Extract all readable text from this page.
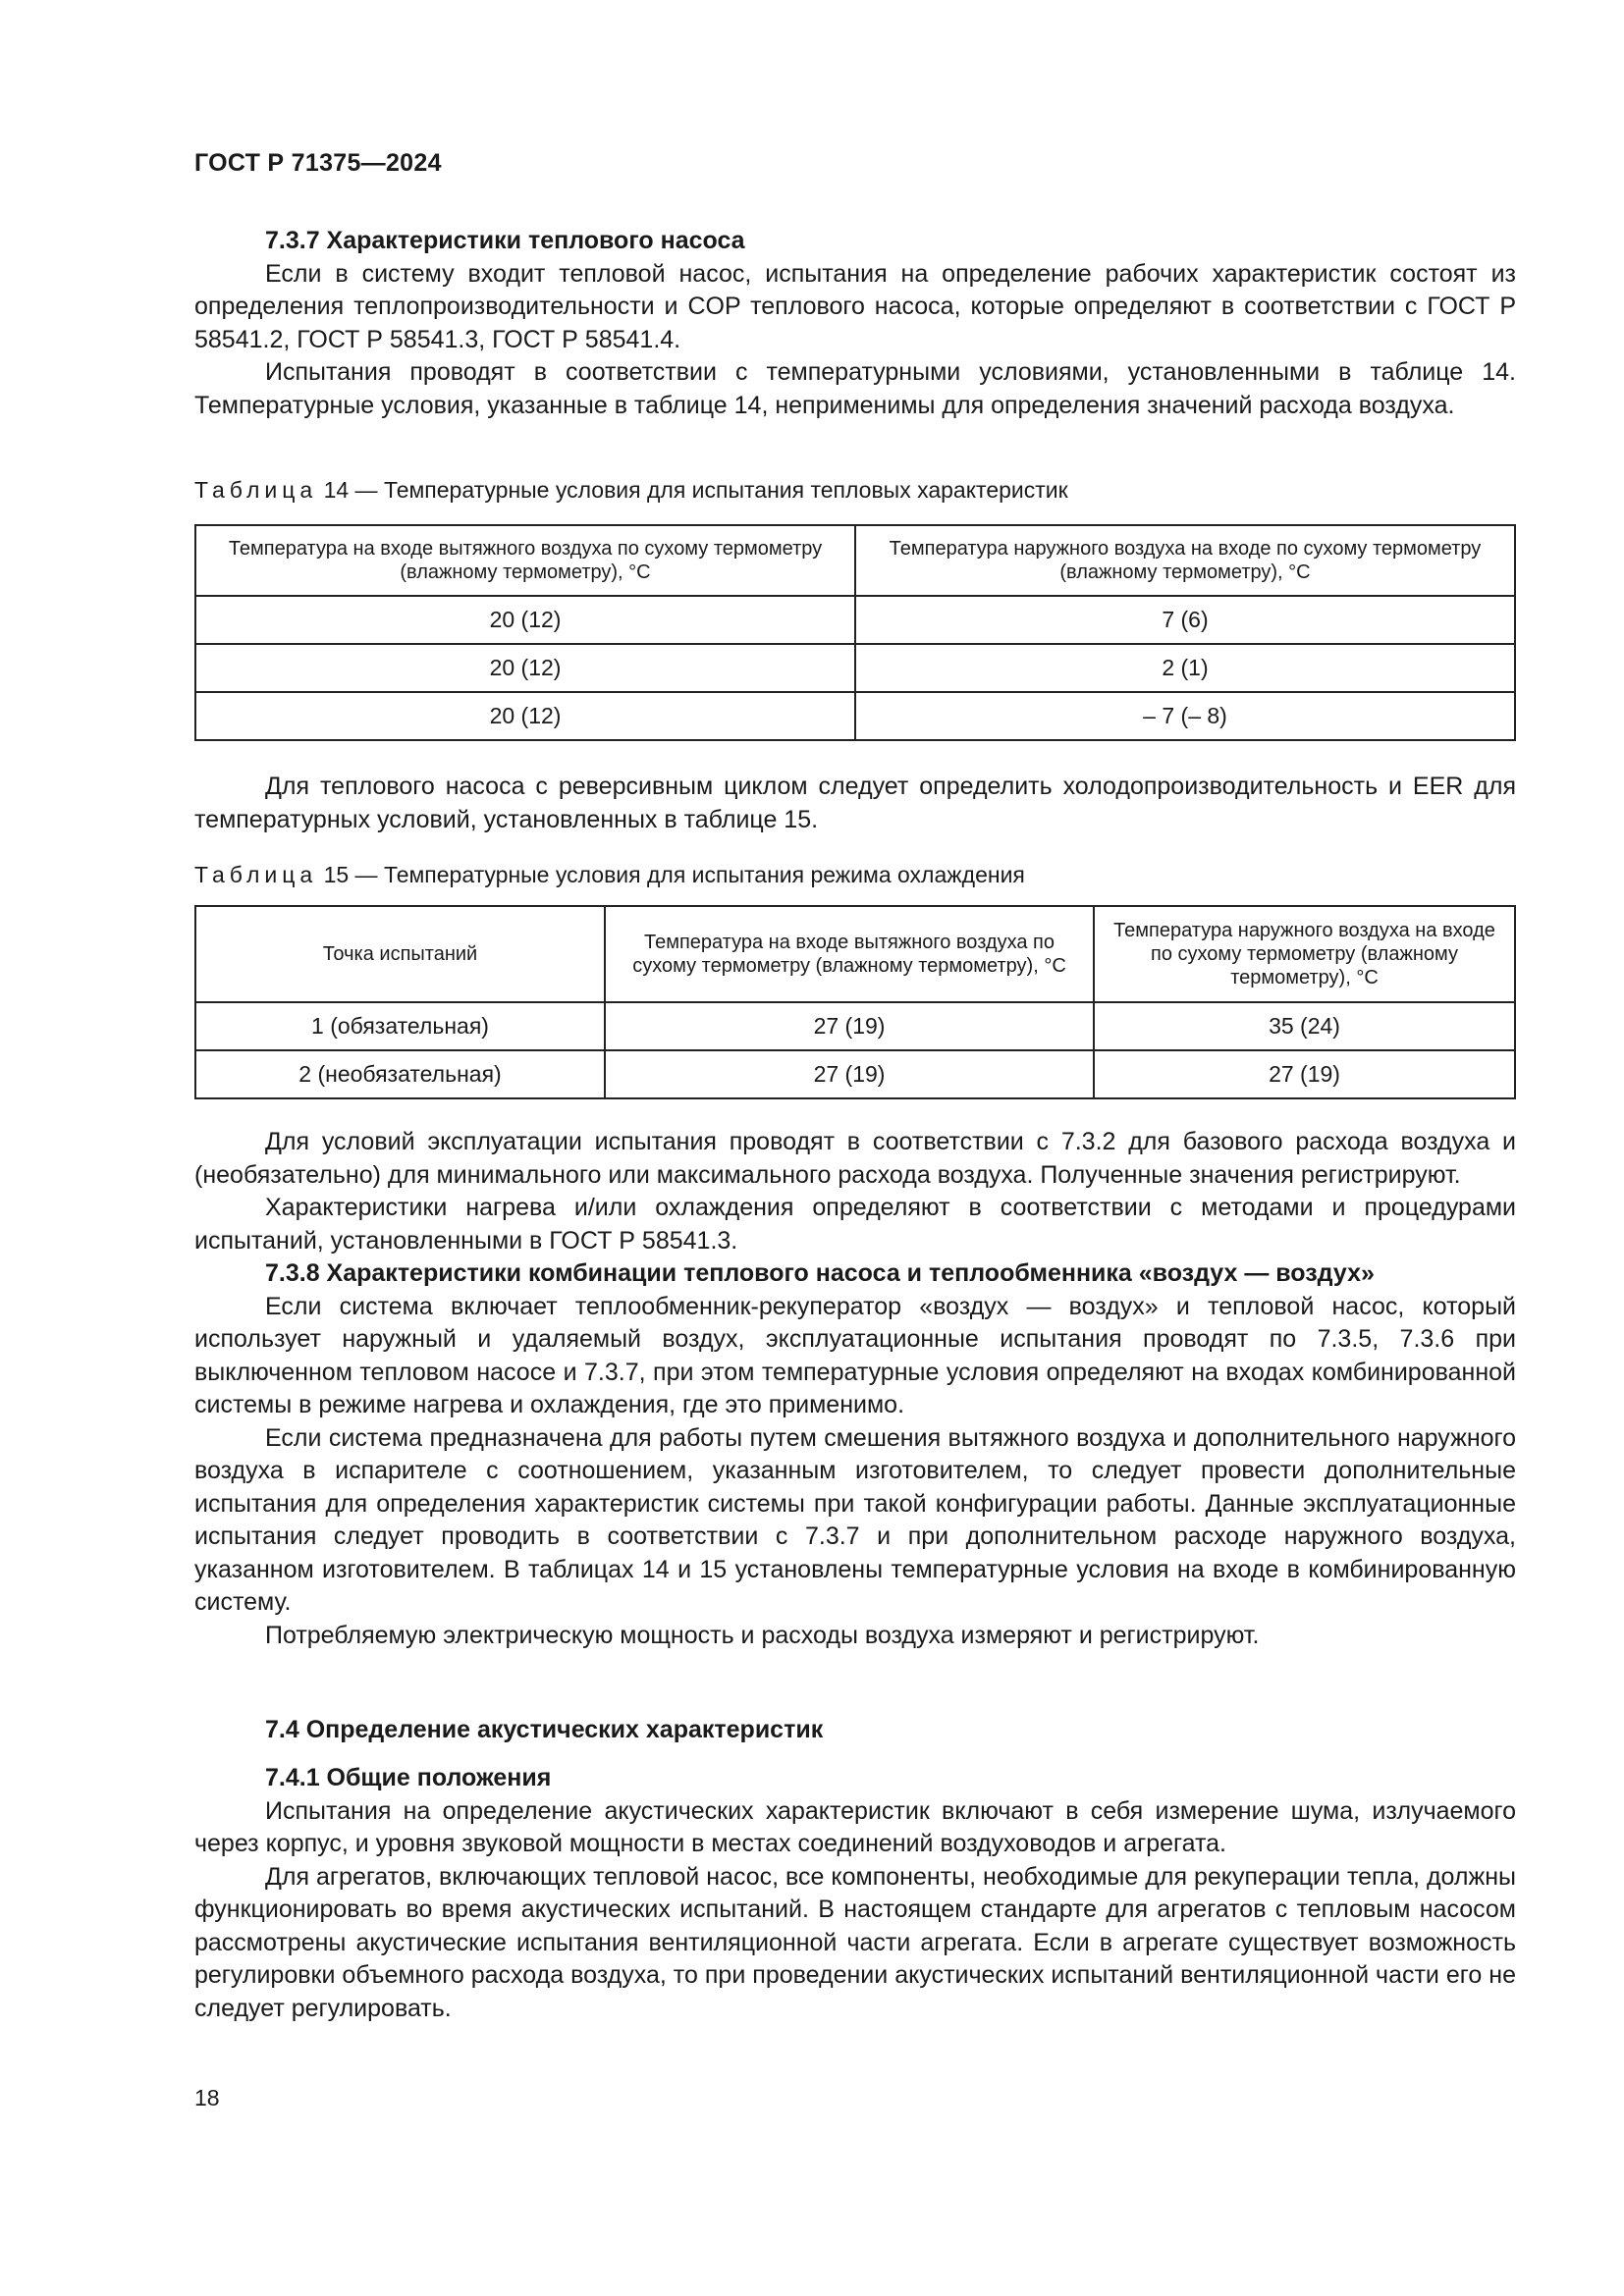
ГОСТ Р 71375—2024
7.3.7 Характеристики теплового насоса

Если в систему входит тепловой насос, испытания на определение рабочих характеристик состоят из определения теплопроизводительности и COP теплового насоса, которые определяют в соответствии с ГОСТ Р 58541.2, ГОСТ Р 58541.3, ГОСТ Р 58541.4.

Испытания проводят в соответствии с температурными условиями, установленными в таблице 14. Температурные условия, указанные в таблице 14, неприменимы для определения значений расхода воздуха.

Таблица 14 — Температурные условия для испытания тепловых характеристик
Температура на входе вытяжного воздуха по сухому термометру (влажному термометру), °C	Температура наружного воздуха на входе по сухому термометру (влажному термометру), °C
20 (12)	7 (6)
20 (12)	2 (1)
20 (12)	– 7 (– 8)

Для теплового насоса с реверсивным циклом следует определить холодопроизводительность и EER для температурных условий, установленных в таблице 15.

Таблица 15 — Температурные условия для испытания режима охлаждения
Точка испытаний	Температура на входе вытяжного воздуха по сухому термометру (влажному термометру), °C	Температура наружного воздуха на входе по сухому термометру (влажному термометру), °C
1 (обязательная)	27 (19)	35 (24)
2 (необязательная)	27 (19)	27 (19)

Для условий эксплуатации испытания проводят в соответствии с 7.3.2 для базового расхода воздуха и (необязательно) для минимального или максимального расхода воздуха. Полученные значения регистрируют.

Характеристики нагрева и/или охлаждения определяют в соответствии с методами и процедурами испытаний, установленными в ГОСТ Р 58541.3.

7.3.8 Характеристики комбинации теплового насоса и теплообменника «воздух — воздух»

Если система включает теплообменник-рекуператор «воздух — воздух» и тепловой насос, который использует наружный и удаляемый воздух, эксплуатационные испытания проводят по 7.3.5, 7.3.6 при выключенном тепловом насосе и 7.3.7, при этом температурные условия определяют на входах комбинированной системы в режиме нагрева и охлаждения, где это применимо.

Если система предназначена для работы путем смешения вытяжного воздуха и дополнительного наружного воздуха в испарителе с соотношением, указанным изготовителем, то следует провести дополнительные испытания для определения характеристик системы при такой конфигурации работы. Данные эксплуатационные испытания следует проводить в соответствии с 7.3.7 и при дополнительном расходе наружного воздуха, указанном изготовителем. В таблицах 14 и 15 установлены температурные условия на входе в комбинированную систему.

Потребляемую электрическую мощность и расходы воздуха измеряют и регистрируют.

7.4 Определение акустических характеристик
7.4.1 Общие положения

Испытания на определение акустических характеристик включают в себя измерение шума, излучаемого через корпус, и уровня звуковой мощности в местах соединений воздуховодов и агрегата.

Для агрегатов, включающих тепловой насос, все компоненты, необходимые для рекуперации тепла, должны функционировать во время акустических испытаний. В настоящем стандарте для агрегатов с тепловым насосом рассмотрены акустические испытания вентиляционной части агрегата. Если в агрегате существует возможность регулировки объемного расхода воздуха, то при проведении акустических испытаний вентиляционной части его не следует регулировать.

18
